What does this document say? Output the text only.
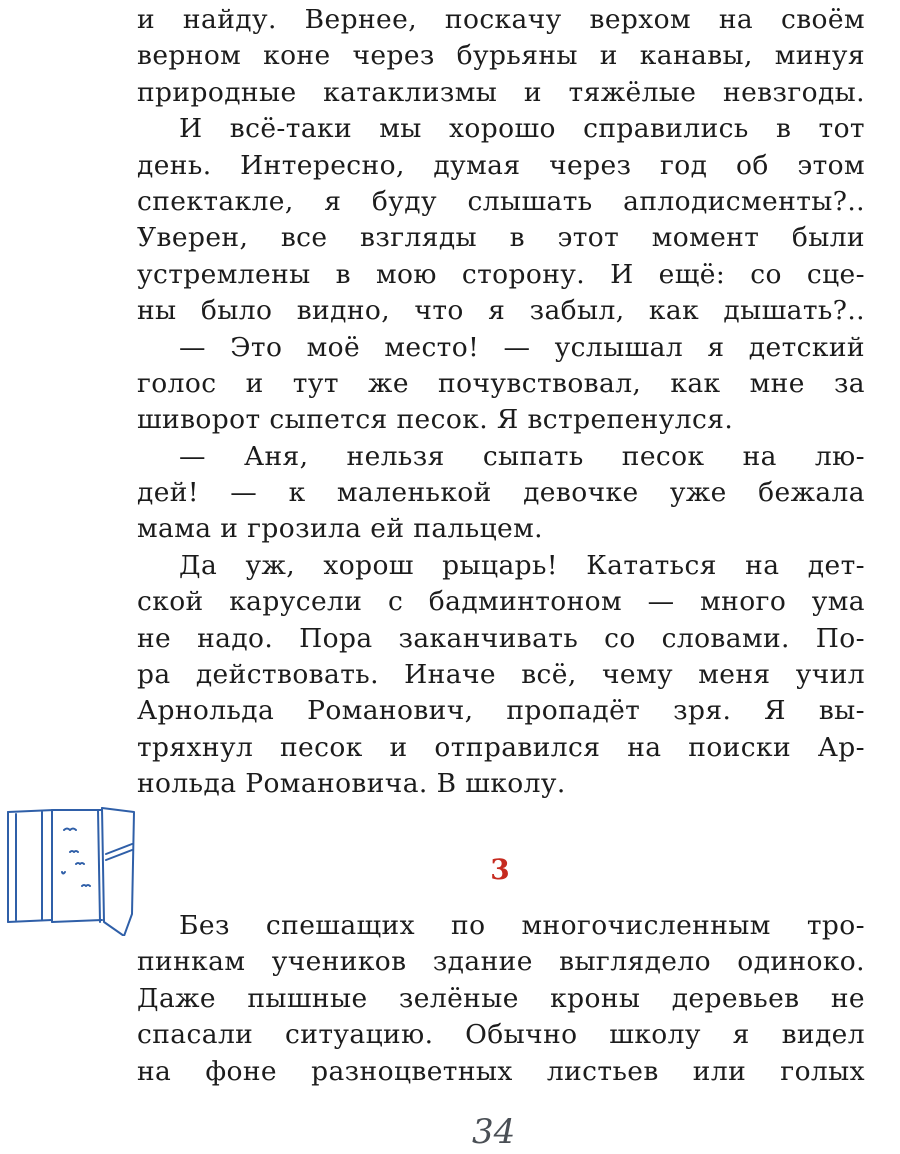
и найду. Вернее, поскачу верхом на своём
верном коне через бурьяны и канавы, минуя
природные катаклизмы и тяжёлые невзгоды.
И всё-таки мы хорошо справились в тот
день. Интересно, думая через год об этом
спектакле, я буду слышать аплодисменты?..
Уверен, все взгляды в этот момент были
устремлены в мою сторону. И ещё: со сце-
ны было видно, что я забыл, как дышать?..
— Это моё место! — услышал я детский
голос и тут же почувствовал, как мне за
шиворот сыпется песок. Я встрепенулся.
— Аня, нельзя сыпать песок на лю-
дей! — к маленькой девочке уже бежала
мама и грозила ей пальцем.
Да уж, хорош рыцарь! Кататься на дет-
ской карусели с бадминтоном — много ума
не надо. Пора заканчивать со словами. По-
ра действовать. Иначе всё, чему меня учил
Арнольда Романович, пропадёт зря. Я вы-
тряхнул песок и отправился на поиски Ар-
нольда Романовича. В школу.
3
Без спешащих по многочисленным тро-
пинкам учеников здание выглядело одиноко.
Даже пышные зелёные кроны деревьев не
спасали ситуацию. Обычно школу я видел
на фоне разноцветных листьев или голых
34
